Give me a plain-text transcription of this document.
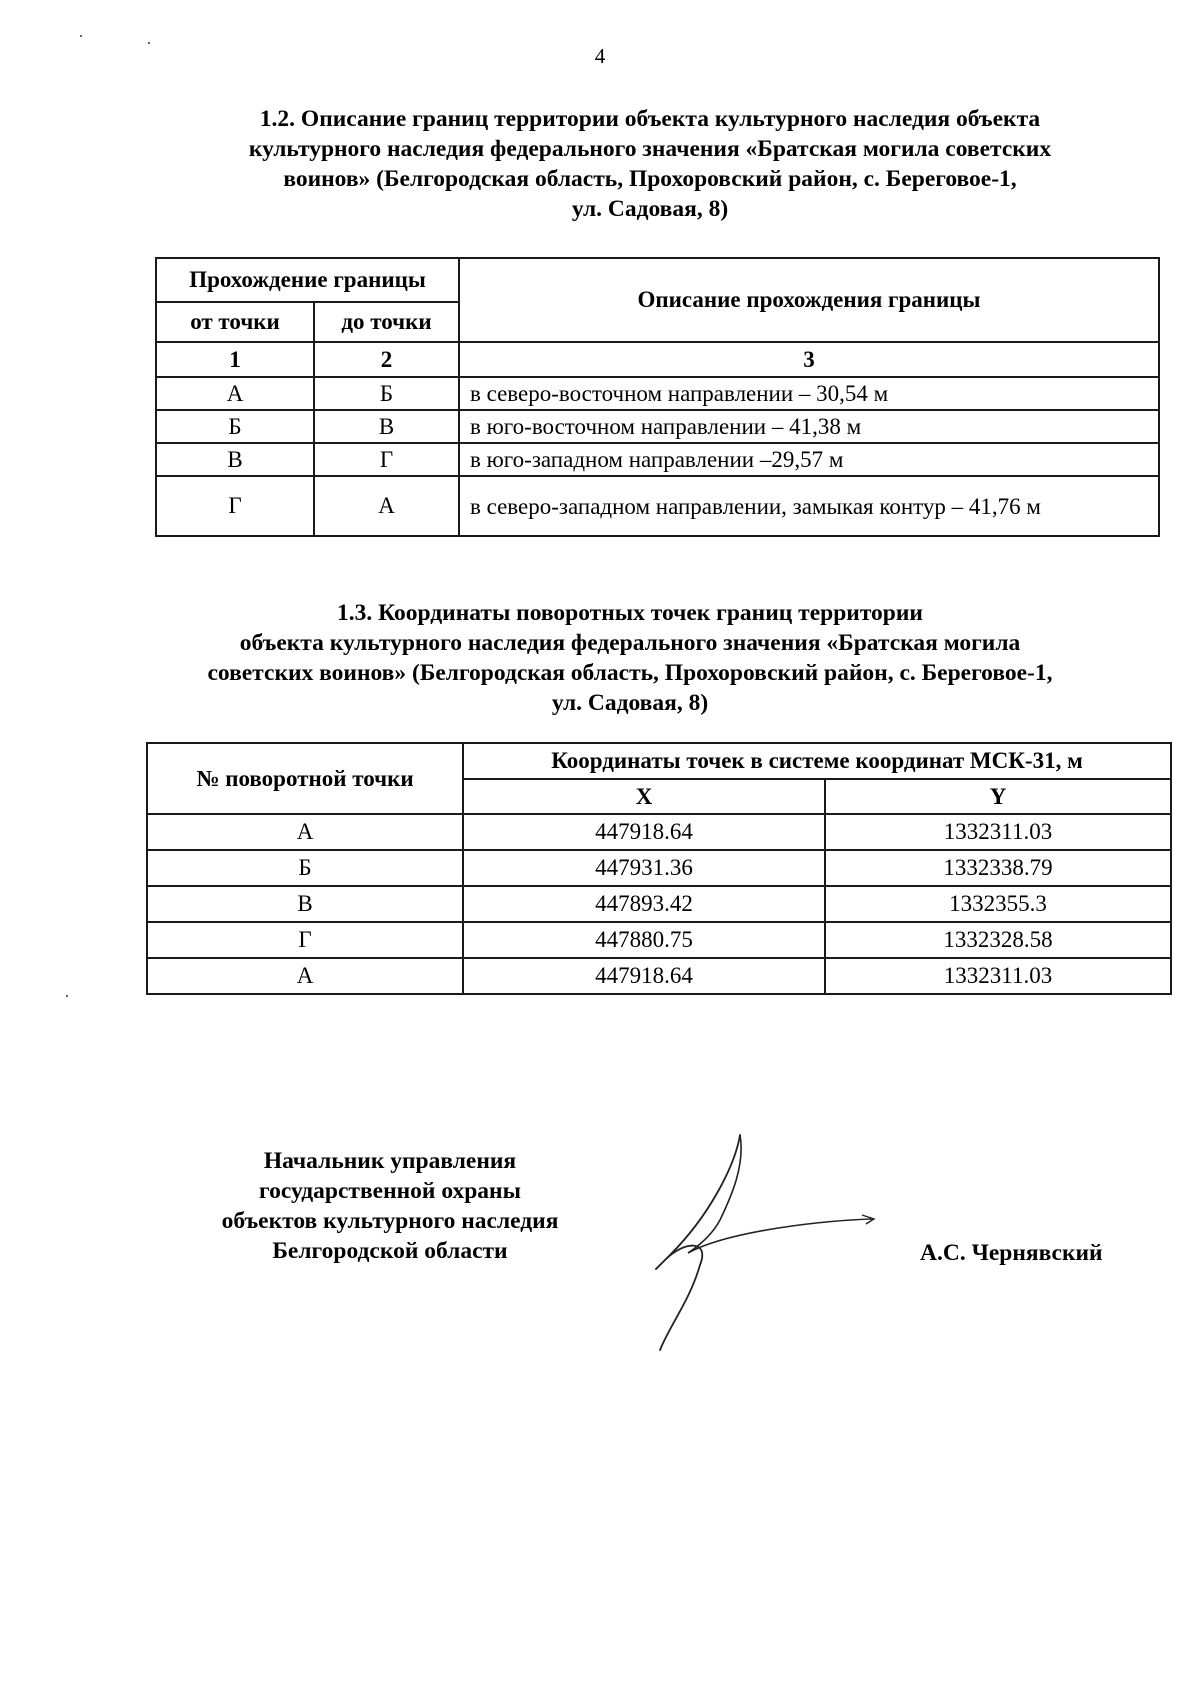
4
1.2. Описание границ территории объекта культурного наследия объекта
культурного наследия федерального значения «Братская могила советских
воинов» (Белгородская область, Прохоровский район, с. Береговое-1,
ул. Садовая, 8)
Прохождение границы		Описание прохождения границы
от точки	до точки	
1	2	3
А	Б	в северо-восточном направлении – 30,54 м
Б	В	в юго-восточном направлении – 41,38 м
В	Г	в юго-западном направлении –29,57 м
Г	А	в северо-западном направлении, замыкая контур – 41,76 м
1.3. Координаты поворотных точек границ территории
объекта культурного наследия федерального значения «Братская могила
советских воинов» (Белгородская область, Прохоровский район, с. Береговое-1,
ул. Садовая, 8)
№ поворотной точки	Координаты точек в системе координат МСК-31, м	
	X	Y
А	447918.64	1332311.03
Б	447931.36	1332338.79
В	447893.42	1332355.3
Г	447880.75	1332328.58
А	447918.64	1332311.03
Начальник управления
государственной охраны
объектов культурного наследия
Белгородской области	А.С. Чернявский
